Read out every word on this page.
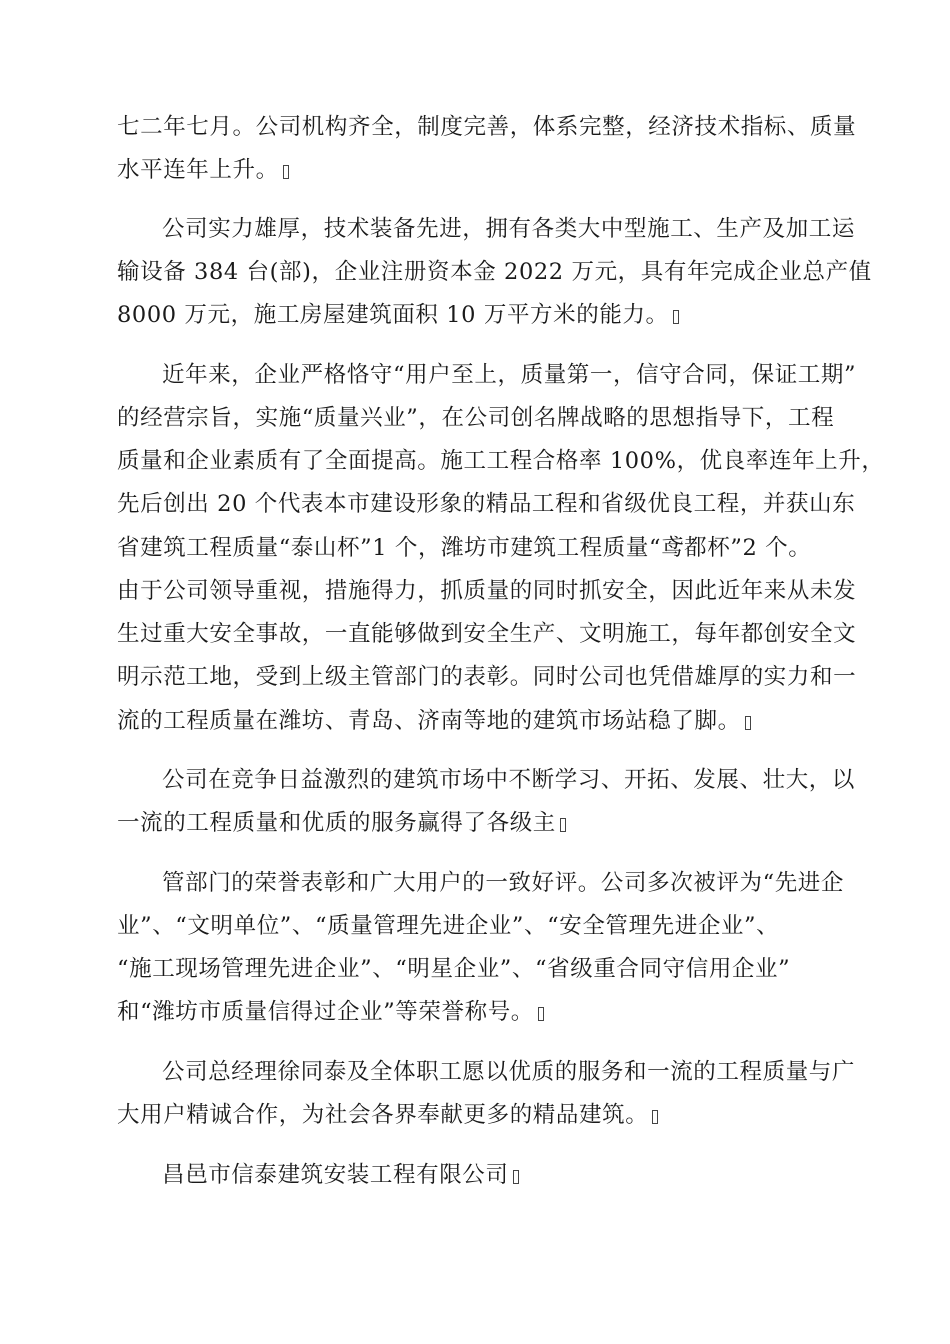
七二年七月。公司机构齐全，制度完善，体系完整，经济技术指标、质量
水平连年上升。
公司实力雄厚，技术装备先进，拥有各类大中型施工、生产及加工运
输设备 384 台(部)，企业注册资本金 2022 万元，具有年完成企业总产值
8000 万元，施工房屋建筑面积 10 万平方米的能力。
近年来，企业严格恪守“用户至上，质量第一，信守合同，保证工期”
的经营宗旨，实施“质量兴业”，在公司创名牌战略的思想指导下，工程
质量和企业素质有了全面提高。施工工程合格率 100%，优良率连年上升，
先后创出 20 个代表本市建设形象的精品工程和省级优良工程，并获山东
省建筑工程质量“泰山杯”1 个，潍坊市建筑工程质量“鸢都杯”2 个。
由于公司领导重视，措施得力，抓质量的同时抓安全，因此近年来从未发
生过重大安全事故，一直能够做到安全生产、文明施工，每年都创安全文
明示范工地，受到上级主管部门的表彰。同时公司也凭借雄厚的实力和一
流的工程质量在潍坊、青岛、济南等地的建筑市场站稳了脚。
公司在竞争日益激烈的建筑市场中不断学习、开拓、发展、壮大，以
一流的工程质量和优质的服务赢得了各级主
管部门的荣誉表彰和广大用户的一致好评。公司多次被评为“先进企
业”、“文明单位”、“质量管理先进企业”、“安全管理先进企业”、
“施工现场管理先进企业”、“明星企业”、“省级重合同守信用企业”
和“潍坊市质量信得过企业”等荣誉称号。
公司总经理徐同泰及全体职工愿以优质的服务和一流的工程质量与广
大用户精诚合作，为社会各界奉献更多的精品建筑。
昌邑市信泰建筑安装工程有限公司
